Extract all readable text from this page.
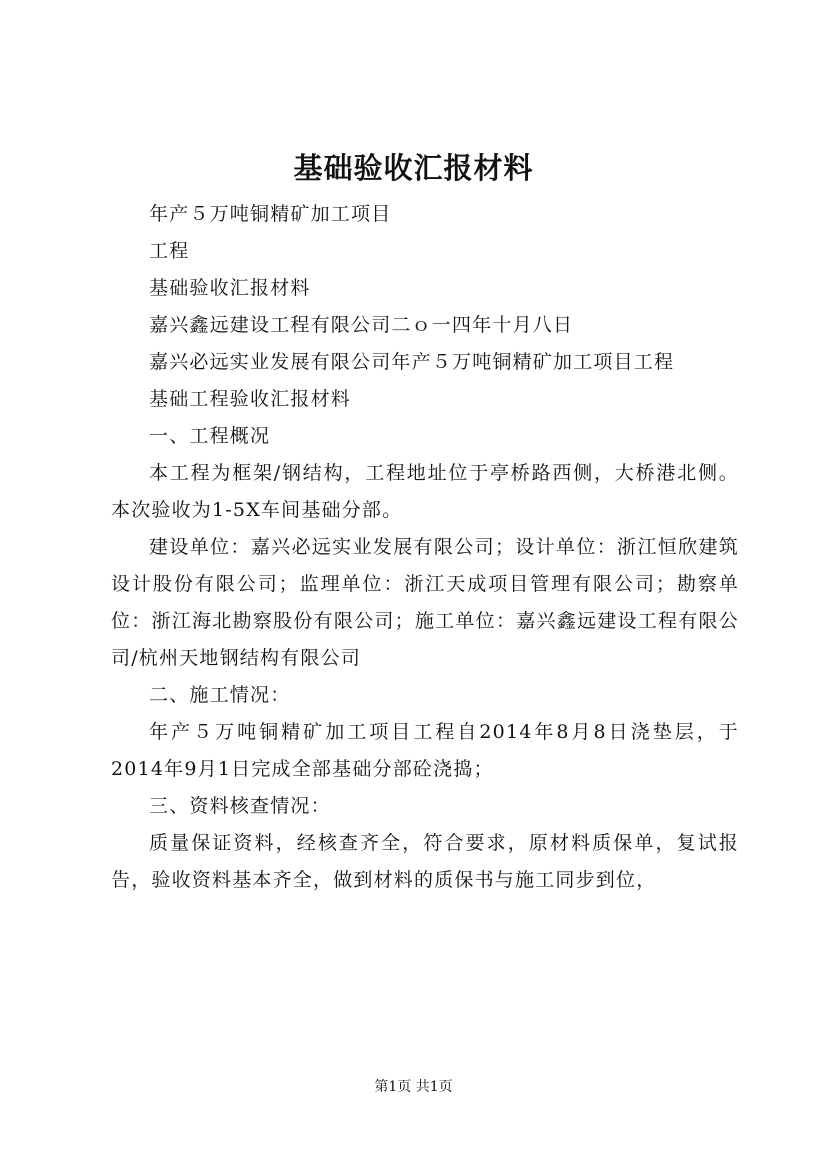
基础验收汇报材料

年产５万吨铜精矿加工项目

工程

基础验收汇报材料

嘉兴鑫远建设工程有限公司二ｏ一四年十月八日

嘉兴必远实业发展有限公司年产５万吨铜精矿加工项目工程

基础工程验收汇报材料

一、工程概况

本工程为框架/钢结构，工程地址位于亭桥路西侧，大桥港北侧。本次验收为1-5X车间基础分部。

建设单位：嘉兴必远实业发展有限公司；设计单位：浙江恒欣建筑设计股份有限公司；监理单位：浙江天成项目管理有限公司；勘察单位：浙江海北勘察股份有限公司；施工单位：嘉兴鑫远建设工程有限公司/杭州天地钢结构有限公司

二、施工情况：

年产５万吨铜精矿加工项目工程自2014年8月8日浇垫层，于2014年9月1日完成全部基础分部砼浇捣；

三、资料核查情况：

质量保证资料，经核查齐全，符合要求，原材料质保单，复试报告，验收资料基本齐全，做到材料的质保书与施工同步到位，

第1页 共1页
